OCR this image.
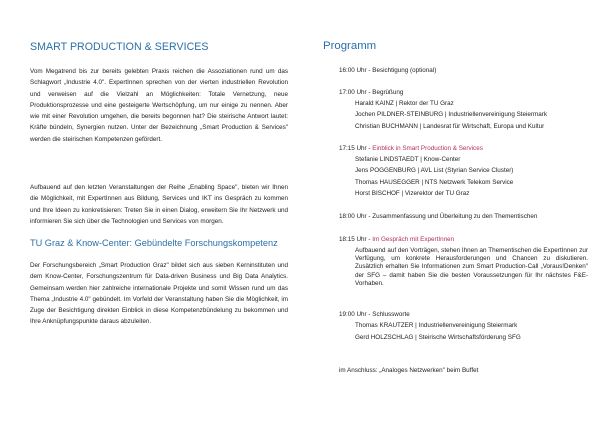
SMART PRODUCTION & SERVICES

Vom Megatrend bis zur bereits gelebten Praxis reichen die Assoziationen rund um das Schlagwort „Industrie 4.0". ExpertInnen sprechen von der vierten industriellen Revolution und verweisen auf die Vielzahl an Möglichkeiten: Totale Vernetzung, neue Produktionsprozesse und eine gesteigerte Wertschöpfung, um nur einige zu nennen. Aber wie mit einer Revolution umgehen, die bereits begonnen hat? Die steirische Antwort lautet: Kräfte bündeln, Synergien nutzen. Unter der Bezeichnung „Smart Production & Services" werden die steirischen Kompetenzen gefördert.

Aufbauend auf den letzten Veranstaltungen der Reihe „Enabling Space", bieten wir Ihnen die Möglichkeit, mit ExpertInnen aus Bildung, Services und IKT ins Gespräch zu kommen und Ihre Ideen zu konkretisieren: Treten Sie in einen Dialog, erweitern Sie Ihr Netzwerk und informieren Sie sich über die Technologien und Services von morgen.

TU Graz & Know-Center: Gebündelte Forschungskompetenz

Der Forschungsbereich „Smart Production Graz" bildet sich aus sieben Kerninstituten und dem Know-Center, Forschungszentrum für Data-driven Business und Big Data Analytics. Gemeinsam werden hier zahlreiche internationale Projekte und somit Wissen rund um das Thema „Industrie 4.0" gebündelt. Im Vorfeld der Veranstaltung haben Sie die Möglichkeit, im Zuge der Besichtigung direkten Einblick in diese Kompetenzbündelung zu bekommen und Ihre Anknüpfungspunkte daraus abzuleiten.

Programm
16:00 Uhr - Besichtigung (optional)
17:00 Uhr - Begrüßung
Harald KAINZ | Rektor der TU Graz
Jochen PILDNER-STEINBURG | Industriellenvereinigung Steiermark
Christian BUCHMANN | Landesrat für Wirtschaft, Europa und Kultur
17:15 Uhr - Einblick in Smart Production & Services
Stefanie LINDSTAEDT | Know-Center
Jens POGGENBURG | AVL List (Styrian Service Cluster)
Thomas HAUSEGGER | NTS Netzwerk Telekom Service
Horst BISCHOF | Vizerektor der TU Graz
18:00 Uhr - Zusammenfassung und Überleitung zu den Thementischen
18:15 Uhr - Im Gespräch mit ExpertInnen

Aufbauend auf den Vorträgen, stehen Ihnen an Thementischen die ExpertInnen zur Verfügung, um konkrete Herausforderungen und Chancen zu diskutieren. Zusätzlich erhalten Sie Informationen zum Smart Production-Call „Voraus!Denken" der SFG – damit haben Sie die besten Voraussetzungen für Ihr nächstes F&E-Vorhaben.

19:00 Uhr - Schlussworte
Thomas KRAUTZER | Industriellenvereinigung Steiermark
Gerd HOLZSCHLAG | Steirische Wirtschaftsförderung SFG
im Anschluss: „Analoges Netzwerken" beim Buffet
